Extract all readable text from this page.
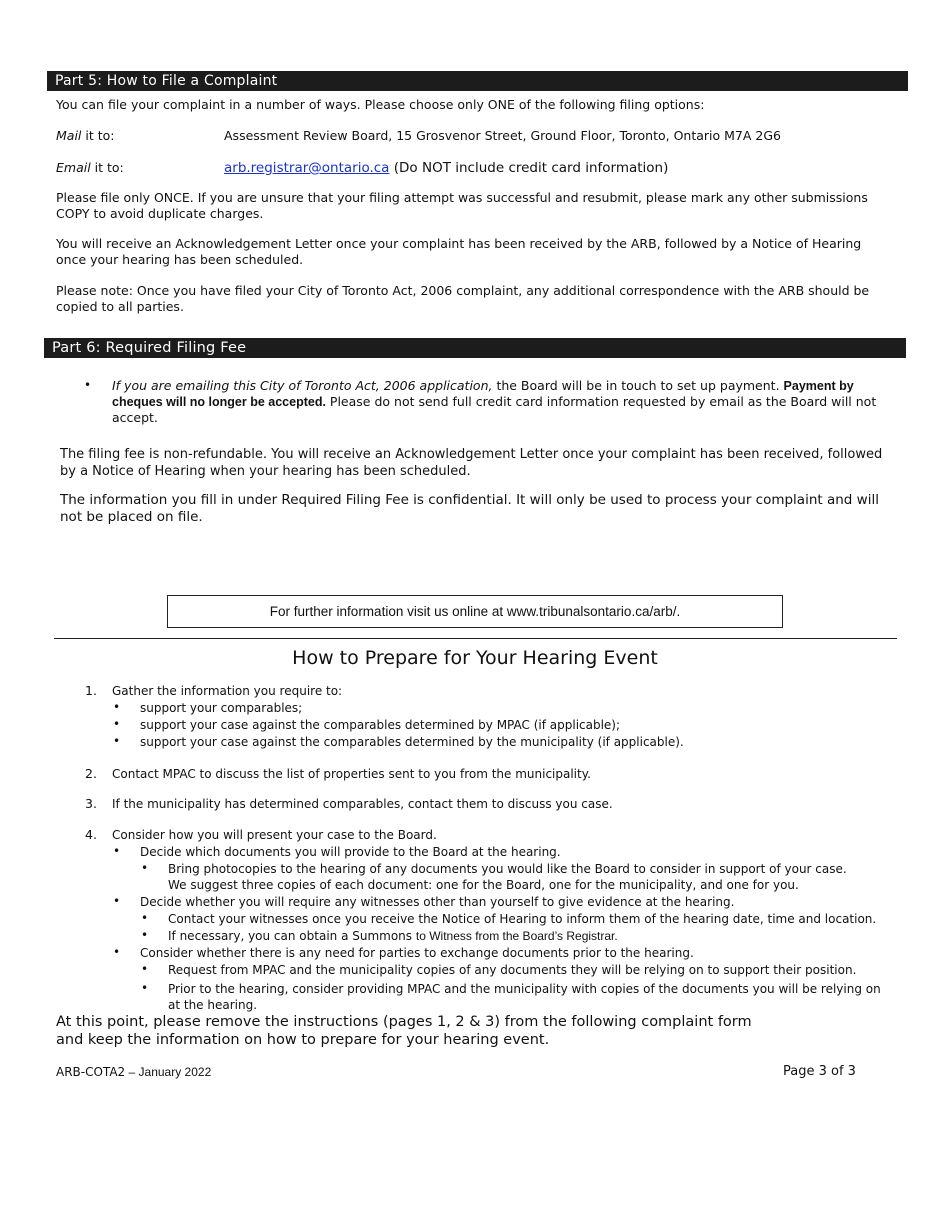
Part 5: How to File a Complaint
You can file your complaint in a number of ways. Please choose only ONE of the following filing options:
Mail it to:	Assessment Review Board, 15 Grosvenor Street, Ground Floor, Toronto, Ontario M7A 2G6
Email it to:	arb.registrar@ontario.ca (Do NOT include credit card information)
Please file only ONCE. If you are unsure that your filing attempt was successful and resubmit, please mark any other submissions COPY to avoid duplicate charges.
You will receive an Acknowledgement Letter once your complaint has been received by the ARB, followed by a Notice of Hearing once your hearing has been scheduled.
Please note: Once you have filed your City of Toronto Act, 2006 complaint, any additional correspondence with the ARB should be copied to all parties.
Part 6: Required Filing Fee
• If you are emailing this City of Toronto Act, 2006 application, the Board will be in touch to set up payment. Payment by cheques will no longer be accepted. Please do not send full credit card information requested by email as the Board will not accept.
The filing fee is non-refundable. You will receive an Acknowledgement Letter once your complaint has been received, followed by a Notice of Hearing when your hearing has been scheduled.
The information you fill in under Required Filing Fee is confidential. It will only be used to process your complaint and will not be placed on file.
For further information visit us online at www.tribunalsontario.ca/arb/.
How to Prepare for Your Hearing Event
1. Gather the information you require to:
• support your comparables;
• support your case against the comparables determined by MPAC (if applicable);
• support your case against the comparables determined by the municipality (if applicable).
2. Contact MPAC to discuss the list of properties sent to you from the municipality.
3. If the municipality has determined comparables, contact them to discuss you case.
4. Consider how you will present your case to the Board.
• Decide which documents you will provide to the Board at the hearing.
• Bring photocopies to the hearing of any documents you would like the Board to consider in support of your case.
We suggest three copies of each document: one for the Board, one for the municipality, and one for you.
• Decide whether you will require any witnesses other than yourself to give evidence at the hearing.
• Contact your witnesses once you receive the Notice of Hearing to inform them of the hearing date, time and location.
• If necessary, you can obtain a Summons to Witness from the Board’s Registrar.
• Consider whether there is any need for parties to exchange documents prior to the hearing.
• Request from MPAC and the municipality copies of any documents they will be relying on to support their position.
• Prior to the hearing, consider providing MPAC and the municipality with copies of the documents you will be relying on at the hearing.
At this point, please remove the instructions (pages 1, 2 & 3) from the following complaint form
and keep the information on how to prepare for your hearing event.
ARB-COTA2 – January 2022	Page 3 of 3
